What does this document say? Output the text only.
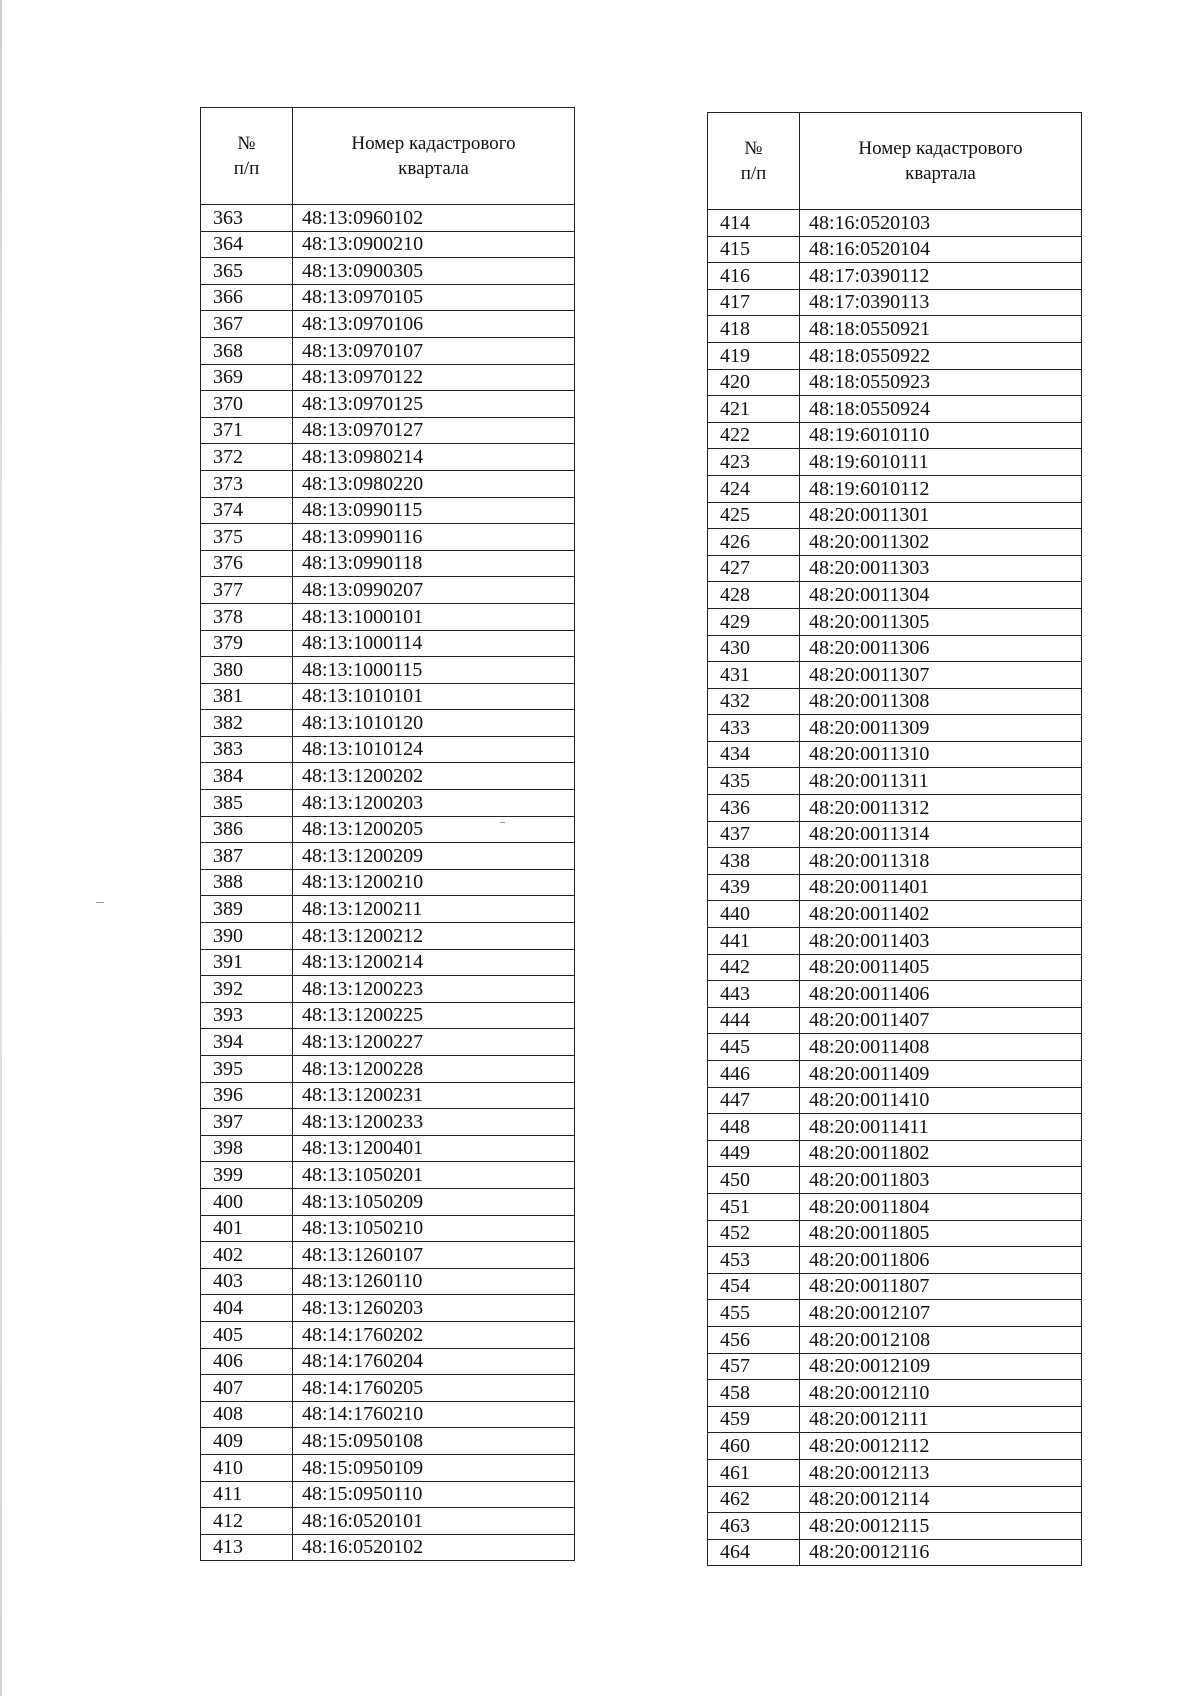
№
п/п	Номер кадастрового
квартала

363	48:13:0960102
364	48:13:0900210
365	48:13:0900305
366	48:13:0970105
367	48:13:0970106
368	48:13:0970107
369	48:13:0970122
370	48:13:0970125
371	48:13:0970127
372	48:13:0980214
373	48:13:0980220
374	48:13:0990115
375	48:13:0990116
376	48:13:0990118
377	48:13:0990207
378	48:13:1000101
379	48:13:1000114
380	48:13:1000115
381	48:13:1010101
382	48:13:1010120
383	48:13:1010124
384	48:13:1200202
385	48:13:1200203
386	48:13:1200205
387	48:13:1200209
388	48:13:1200210
389	48:13:1200211
390	48:13:1200212
391	48:13:1200214
392	48:13:1200223
393	48:13:1200225
394	48:13:1200227
395	48:13:1200228
396	48:13:1200231
397	48:13:1200233
398	48:13:1200401
399	48:13:1050201
400	48:13:1050209
401	48:13:1050210
402	48:13:1260107
403	48:13:1260110
404	48:13:1260203
405	48:14:1760202
406	48:14:1760204
407	48:14:1760205
408	48:14:1760210
409	48:15:0950108
410	48:15:0950109
411	48:15:0950110
412	48:16:0520101
413	48:16:0520102
№
п/п	Номер кадастрового
квартала

414	48:16:0520103
415	48:16:0520104
416	48:17:0390112
417	48:17:0390113
418	48:18:0550921
419	48:18:0550922
420	48:18:0550923
421	48:18:0550924
422	48:19:6010110
423	48:19:6010111
424	48:19:6010112
425	48:20:0011301
426	48:20:0011302
427	48:20:0011303
428	48:20:0011304
429	48:20:0011305
430	48:20:0011306
431	48:20:0011307
432	48:20:0011308
433	48:20:0011309
434	48:20:0011310
435	48:20:0011311
436	48:20:0011312
437	48:20:0011314
438	48:20:0011318
439	48:20:0011401
440	48:20:0011402
441	48:20:0011403
442	48:20:0011405
443	48:20:0011406
444	48:20:0011407
445	48:20:0011408
446	48:20:0011409
447	48:20:0011410
448	48:20:0011411
449	48:20:0011802
450	48:20:0011803
451	48:20:0011804
452	48:20:0011805
453	48:20:0011806
454	48:20:0011807
455	48:20:0012107
456	48:20:0012108
457	48:20:0012109
458	48:20:0012110
459	48:20:0012111
460	48:20:0012112
461	48:20:0012113
462	48:20:0012114
463	48:20:0012115
464	48:20:0012116
